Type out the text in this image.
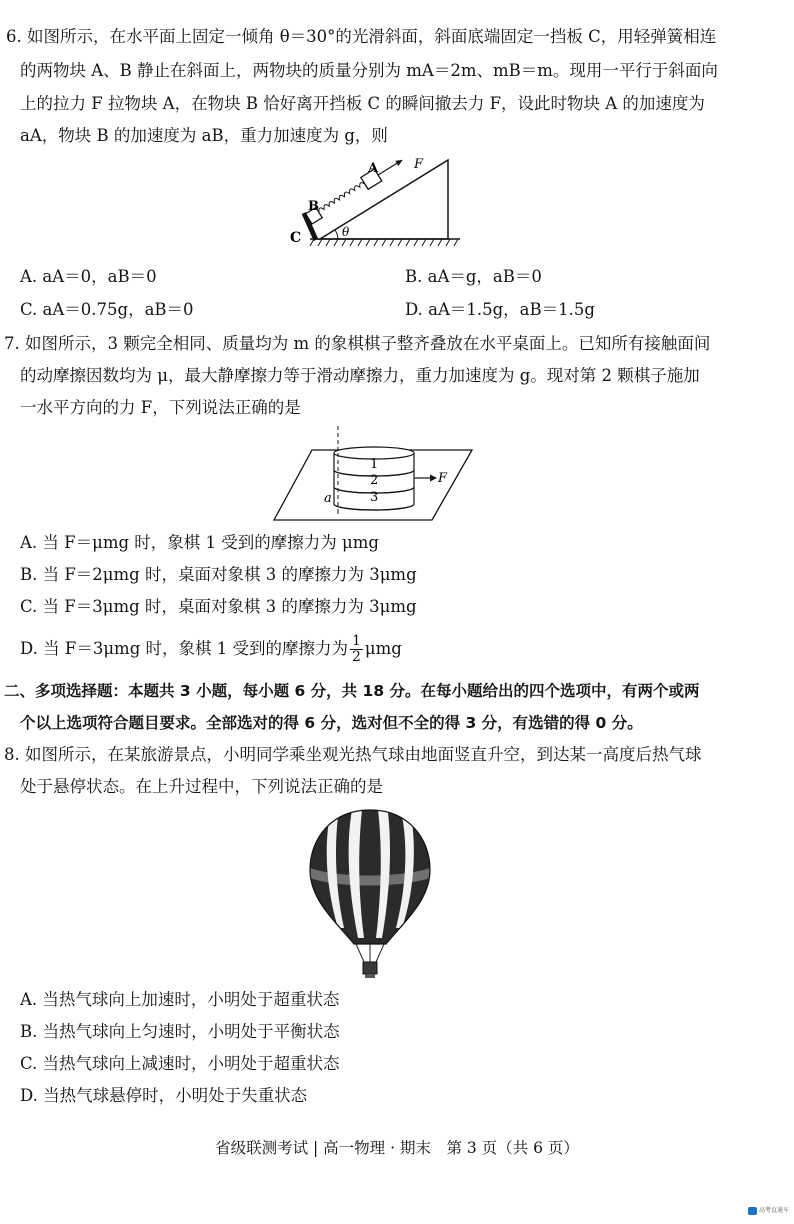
6. 如图所示，在水平面上固定一倾角 θ＝30°的光滑斜面，斜面底端固定一挡板 C，用轻弹簧相连
的两物块 A、B 静止在斜面上，两物块的质量分别为 mA＝2m、mB＝m。现用一平行于斜面向
上的拉力 F 拉物块 A，在物块 B 恰好离开挡板 C 的瞬间撤去力 F，设此时物块 A 的加速度为
aA，物块 B 的加速度为 aB，重力加速度为 g，则
θ
C
B
A	F
A. aA＝0，aB＝0	B. aA＝g，aB＝0
C. aA＝0.75g，aB＝0	D. aA＝1.5g，aB＝1.5g
7. 如图所示，3 颗完全相同、质量均为 m 的象棋棋子整齐叠放在水平桌面上。已知所有接触面间
的动摩擦因数均为 μ，最大静摩擦力等于滑动摩擦力，重力加速度为 g。现对第 2 颗棋子施加
一水平方向的力 F，下列说法正确的是
1
2
3
a
F
A. 当 F＝μmg 时，象棋 1 受到的摩擦力为 μmg
B. 当 F＝2μmg 时，桌面对象棋 3 的摩擦力为 3μmg
C. 当 F＝3μmg 时，桌面对象棋 3 的摩擦力为 3μmg
D. 当 F＝3μmg 时，象棋 1 受到的摩擦力为 $\frac{1}{2}$ μmg
二、多项选择题：本题共 3 小题，每小题 6 分，共 18 分。在每小题给出的四个选项中，有两个或两
个以上选项符合题目要求。全部选对的得 6 分，选对但不全的得 3 分，有选错的得 0 分。
8. 如图所示，在某旅游景点，小明同学乘坐观光热气球由地面竖直升空，到达某一高度后热气球
处于悬停状态。在上升过程中，下列说法正确的是
A. 当热气球向上加速时，小明处于超重状态
B. 当热气球向上匀速时，小明处于平衡状态
C. 当热气球向上减速时，小明处于超重状态
D. 当热气球悬停时，小明处于失重状态
省级联测考试 | 高一物理 · 期末　第 3 页（共 6 页）
高考直通车
